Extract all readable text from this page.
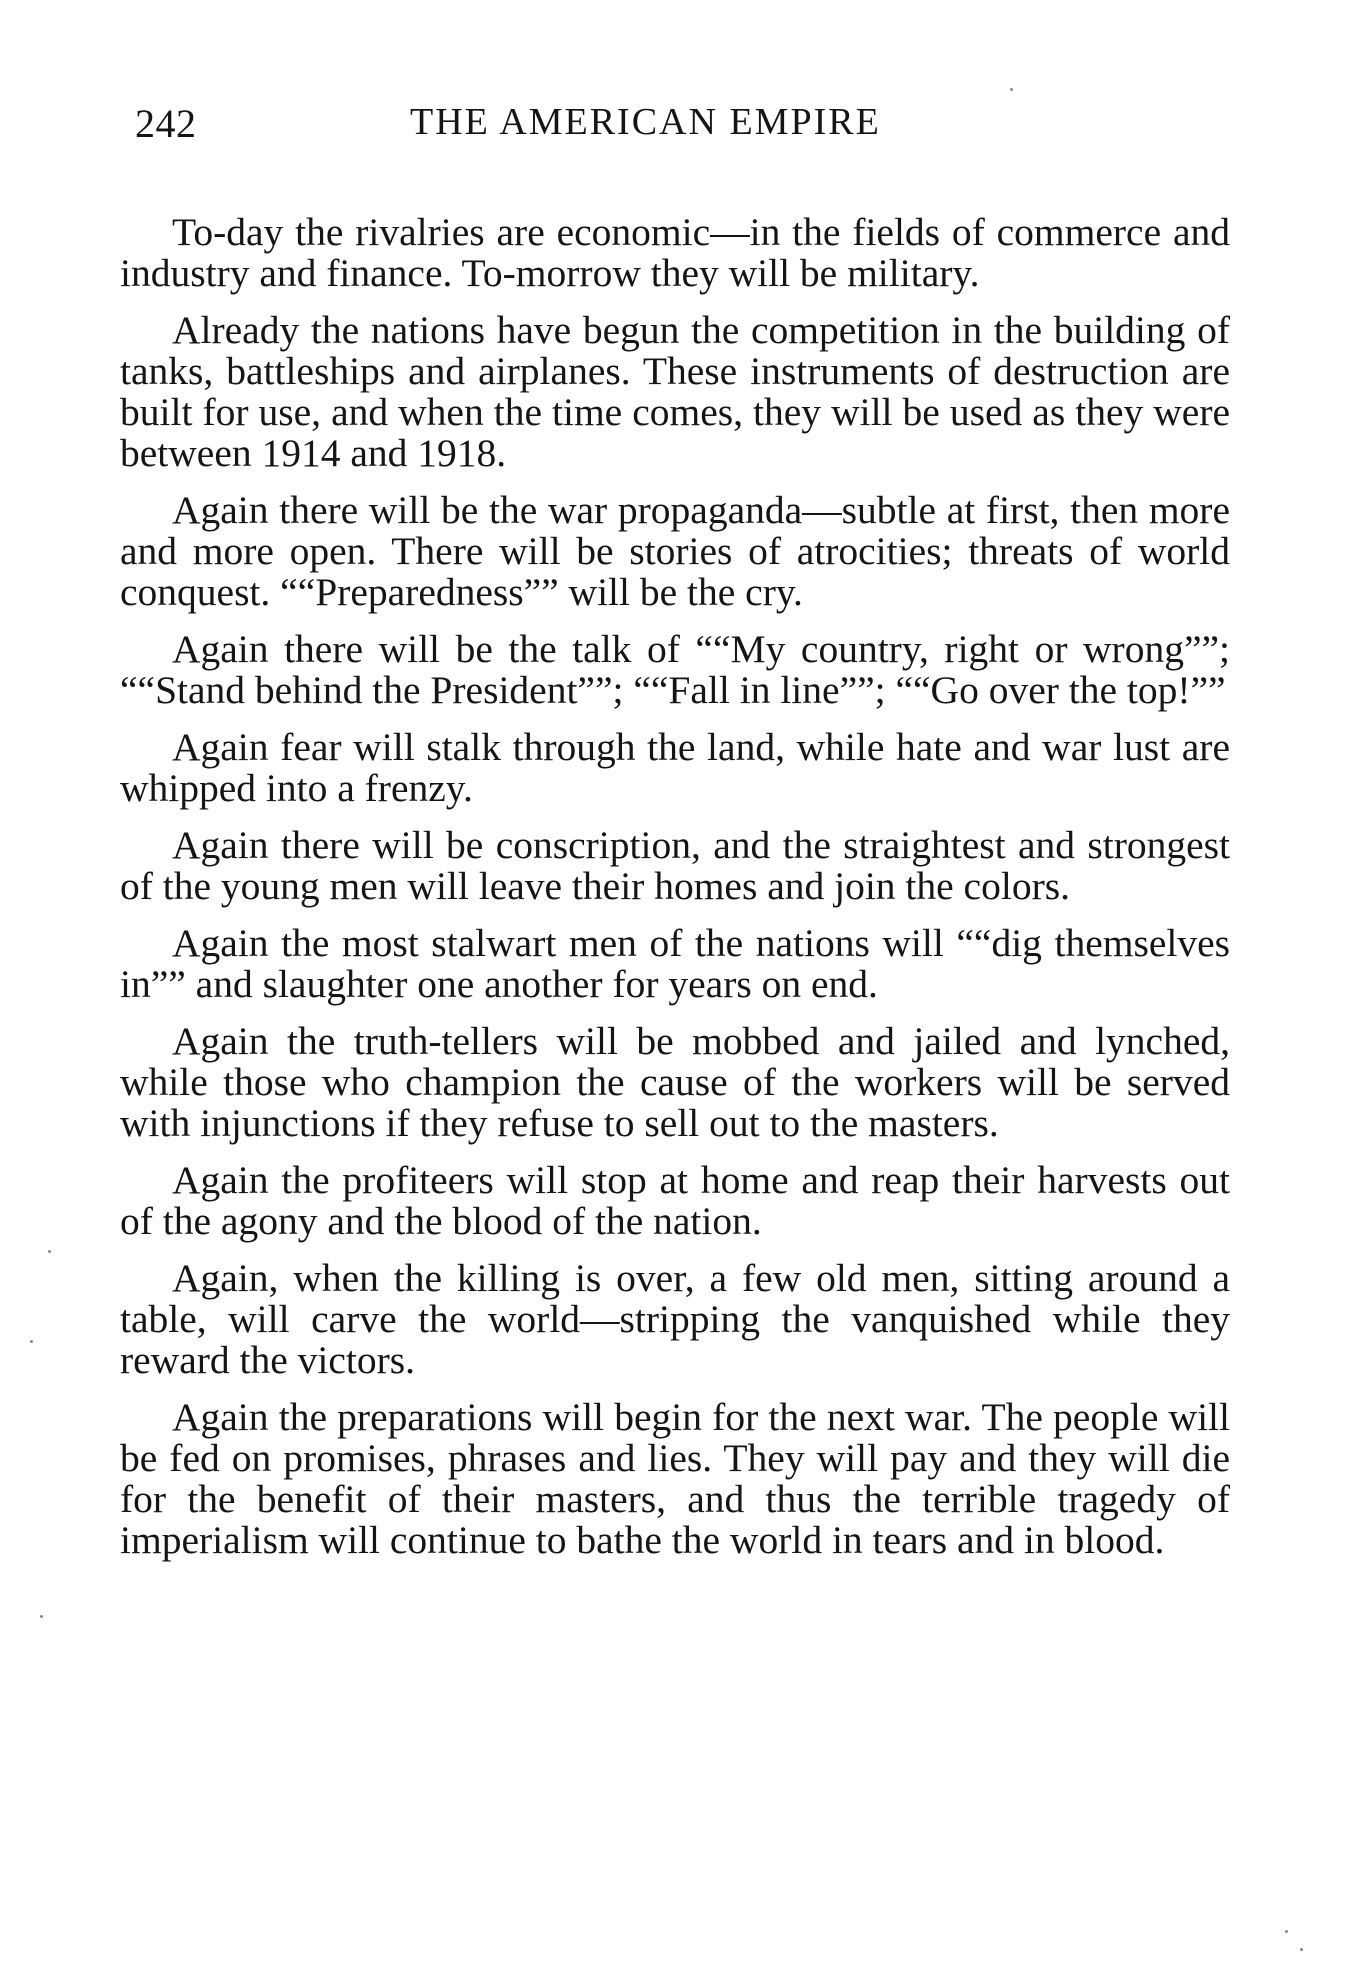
242	THE AMERICAN EMPIRE

To-day the rivalries are economic—in the fields of commerce and industry and finance. To-morrow they will be military.

Already the nations have begun the competition in the building of tanks, battleships and airplanes. These instruments of destruction are built for use, and when the time comes, they will be used as they were between 1914 and 1918.

Again there will be the war propaganda—subtle at first, then more and more open. There will be stories of atrocities; threats of world conquest. ““Preparedness”” will be the cry.

Again there will be the talk of ““My country, right or wrong””; ““Stand behind the President””; ““Fall in line””; ““Go over the top!””

Again fear will stalk through the land, while hate and war lust are whipped into a frenzy.

Again there will be conscription, and the straightest and strongest of the young men will leave their homes and join the colors.

Again the most stalwart men of the nations will ““dig themselves in”” and slaughter one another for years on end.

Again the truth-tellers will be mobbed and jailed and lynched, while those who champion the cause of the workers will be served with injunctions if they refuse to sell out to the masters.

Again the profiteers will stop at home and reap their harvests out of the agony and the blood of the nation.

Again, when the killing is over, a few old men, sitting around a table, will carve the world—stripping the vanquished while they reward the victors.

Again the preparations will begin for the next war. The people will be fed on promises, phrases and lies. They will pay and they will die for the benefit of their masters, and thus the terrible tragedy of imperialism will continue to bathe the world in tears and in blood.
